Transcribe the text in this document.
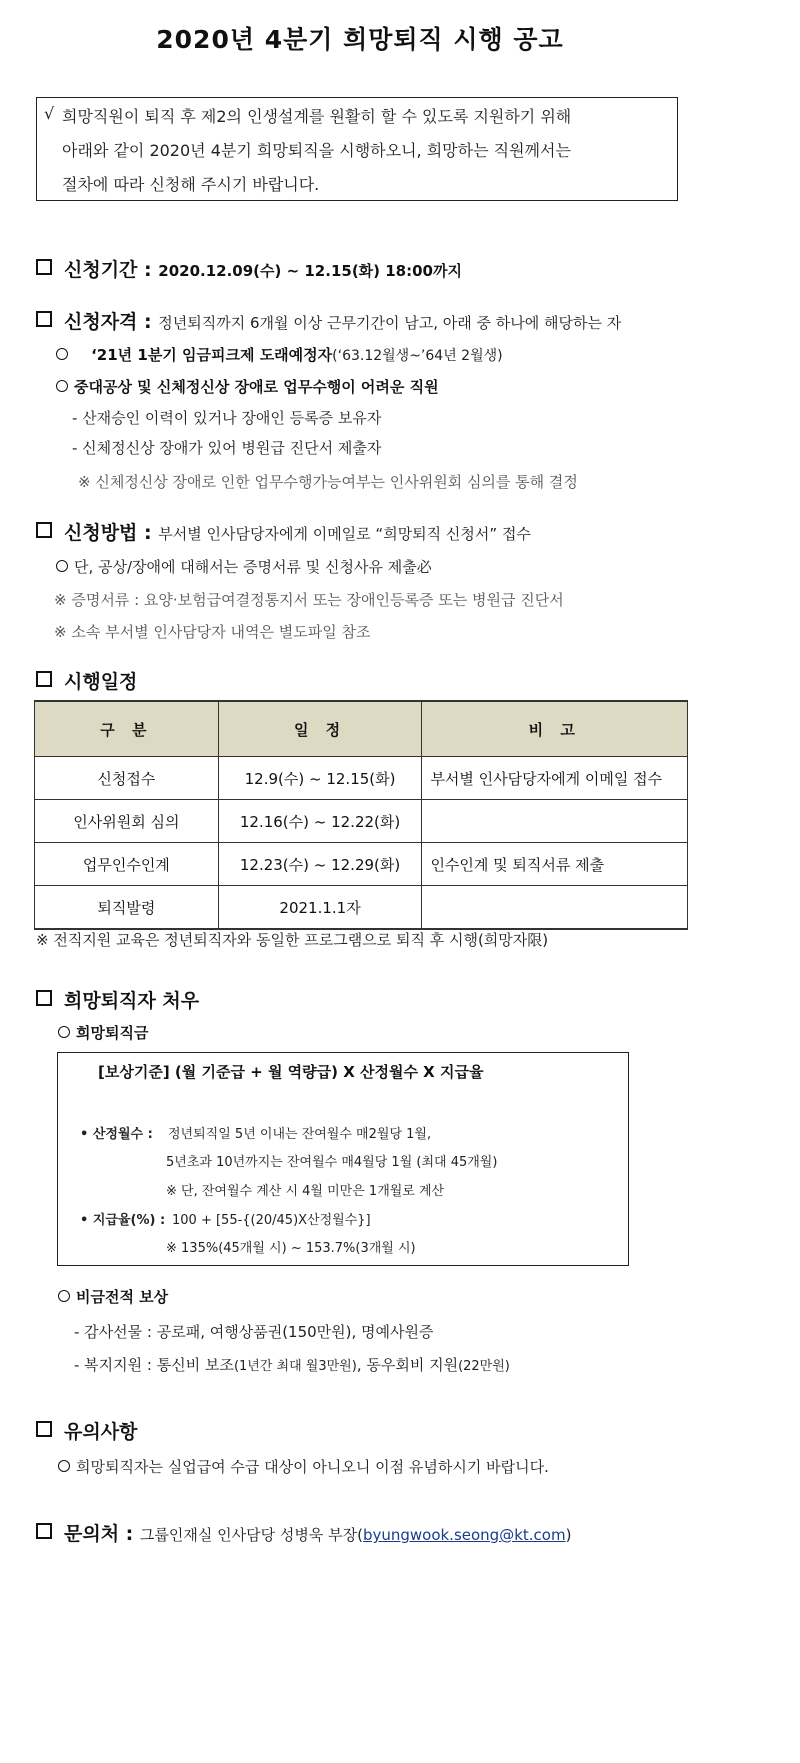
2020년 4분기 희망퇴직 시행 공고
√ 희망직원이 퇴직 후 제2의 인생설계를 원활히 할 수 있도록 지원하기 위해
아래와 같이 2020년 4분기 희망퇴직을 시행하오니, 희망하는 직원께서는
절차에 따라 신청해 주시기 바랍니다.
신청기간 : 2020.12.09(수) ~ 12.15(화) 18:00까지
신청자격 : 정년퇴직까지 6개월 이상 근무기간이 남고, 아래 중 하나에 해당하는 자
‘21년 1분기 임금피크제 도래예정자(‘63.12월생~’64년 2월생)
중대공상 및 신체정신상 장애로 업무수행이 어려운 직원
- 산재승인 이력이 있거나 장애인 등록증 보유자
- 신체정신상 장애가 있어 병원급 진단서 제출자
※ 신체정신상 장애로 인한 업무수행가능여부는 인사위원회 심의를 통해 결정
신청방법 : 부서별 인사담당자에게 이메일로 “희망퇴직 신청서” 접수
단, 공상/장애에 대해서는 증명서류 및 신청사유 제출必
※ 증명서류 : 요양·보험급여결정통지서 또는 장애인등록증 또는 병원급 진단서
※ 소속 부서별 인사담당자 내역은 별도파일 참조
시행일정
구 분	일 정	비 고
신청접수	12.9(수) ~ 12.15(화)	부서별 인사담당자에게 이메일 접수
인사위원회 심의	12.16(수) ~ 12.22(화)	
업무인수인계	12.23(수) ~ 12.29(화)	인수인계 및 퇴직서류 제출
퇴직발령	2021.1.1자	
※ 전직지원 교육은 정년퇴직자와 동일한 프로그램으로 퇴직 후 시행(희망자限)
희망퇴직자 처우
희망퇴직금
[보상기준] (월 기준급 + 월 역량급) X 산정월수 X 지급율
• 산정월수 : 정년퇴직일 5년 이내는 잔여월수 매2월당 1월,
5년초과 10년까지는 잔여월수 매4월당 1월 (최대 45개월)
※ 단, 잔여월수 계산 시 4월 미만은 1개월로 계산
• 지급율(%) : 100 + [55-{(20/45)X산정월수}]
※ 135%(45개월 시) ~ 153.7%(3개월 시)
비금전적 보상
- 감사선물 : 공로패, 여행상품권(150만원), 명예사원증
- 복지지원 : 통신비 보조(1년간 최대 월3만원), 동우회비 지원(22만원)
유의사항
희망퇴직자는 실업급여 수급 대상이 아니오니 이점 유념하시기 바랍니다.
문의처 : 그룹인재실 인사담당 성병욱 부장(byungwook.seong@kt.com)
